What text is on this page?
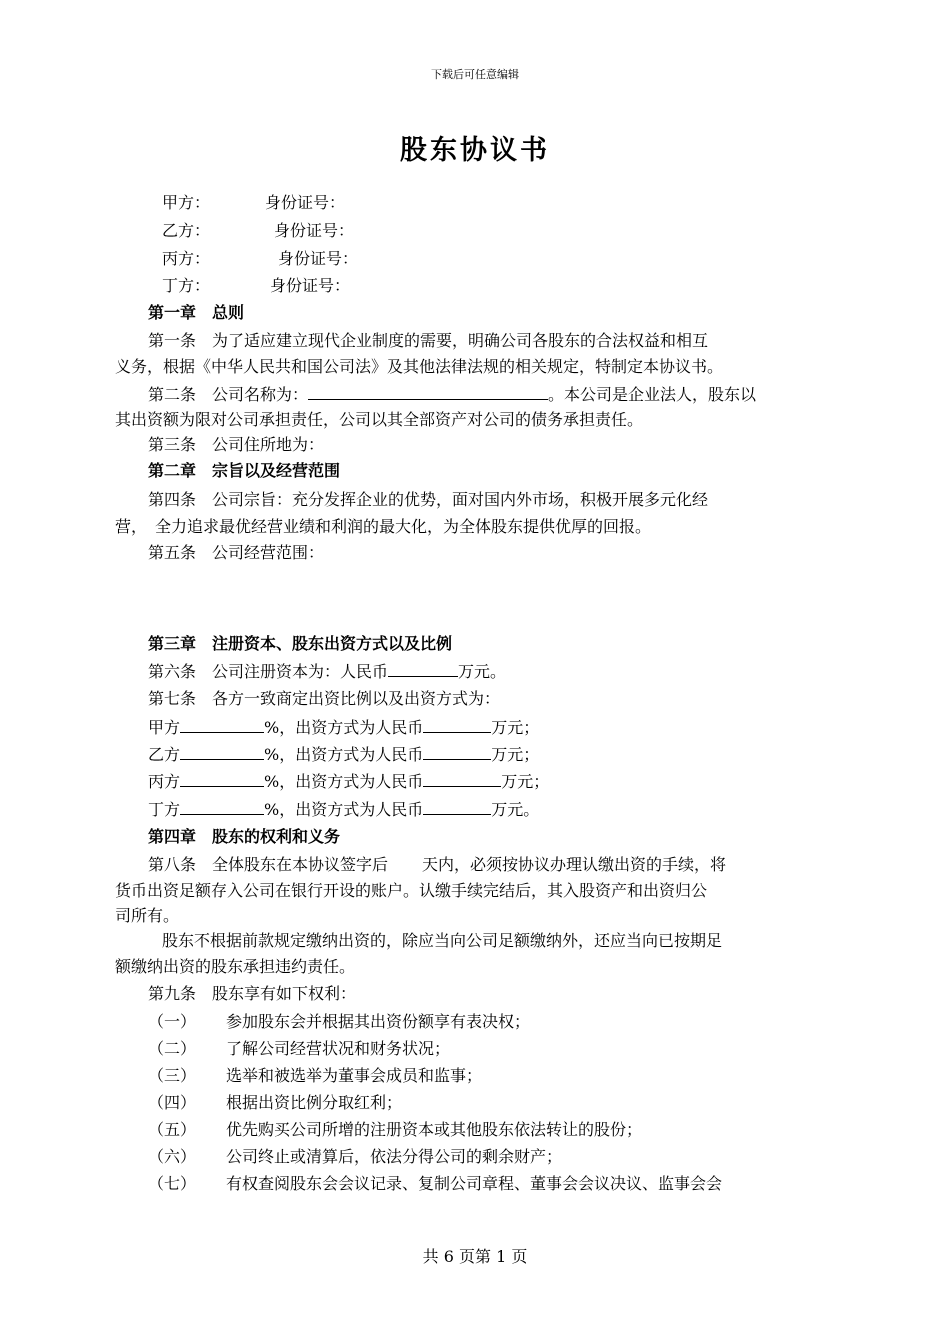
下载后可任意编辑
股东协议书
甲方：	身份证号：
乙方：	身份证号：
丙方：	身份证号：
丁方：	身份证号：
第一章　总则
第一条　为了适应建立现代企业制度的需要，明确公司各股东的合法权益和相互
义务，根据《中华人民共和国公司法》及其他法律法规的相关规定，特制定本协议书。
第二条　公司名称为：	。本公司是企业法人，股东以
其出资额为限对公司承担责任，公司以其全部资产对公司的债务承担责任。
第三条　公司住所地为：
第二章　宗旨以及经营范围
第四条　公司宗旨：充分发挥企业的优势，面对国内外市场，积极开展多元化经
营，　全力追求最优经营业绩和利润的最大化，为全体股东提供优厚的回报。
第五条　公司经营范围：
第三章　注册资本、股东出资方式以及比例
第六条　公司注册资本为：人民币	万元。
第七条　各方一致商定出资比例以及出资方式为：
甲方	%，出资方式为人民币	万元；
乙方	%，出资方式为人民币	万元；
丙方	%，出资方式为人民币	万元；
丁方	%，出资方式为人民币	万元。
第四章　股东的权利和义务
第八条　全体股东在本协议签字后 天内，必须按协议办理认缴出资的手续，将
货币出资足额存入公司在银行开设的账户。认缴手续完结后，其入股资产和出资归公
司所有。
股东不根据前款规定缴纳出资的，除应当向公司足额缴纳外，还应当向已按期足
额缴纳出资的股东承担违约责任。
第九条　股东享有如下权利：
（一） 参加股东会并根据其出资份额享有表决权；
（二） 了解公司经营状况和财务状况；
（三） 选举和被选举为董事会成员和监事；
（四） 根据出资比例分取红利；
（五） 优先购买公司所增的注册资本或其他股东依法转让的股份；
（六） 公司终止或清算后，依法分得公司的剩余财产；
（七） 有权查阅股东会会议记录、复制公司章程、董事会会议决议、监事会会
共 6 页第 1 页
